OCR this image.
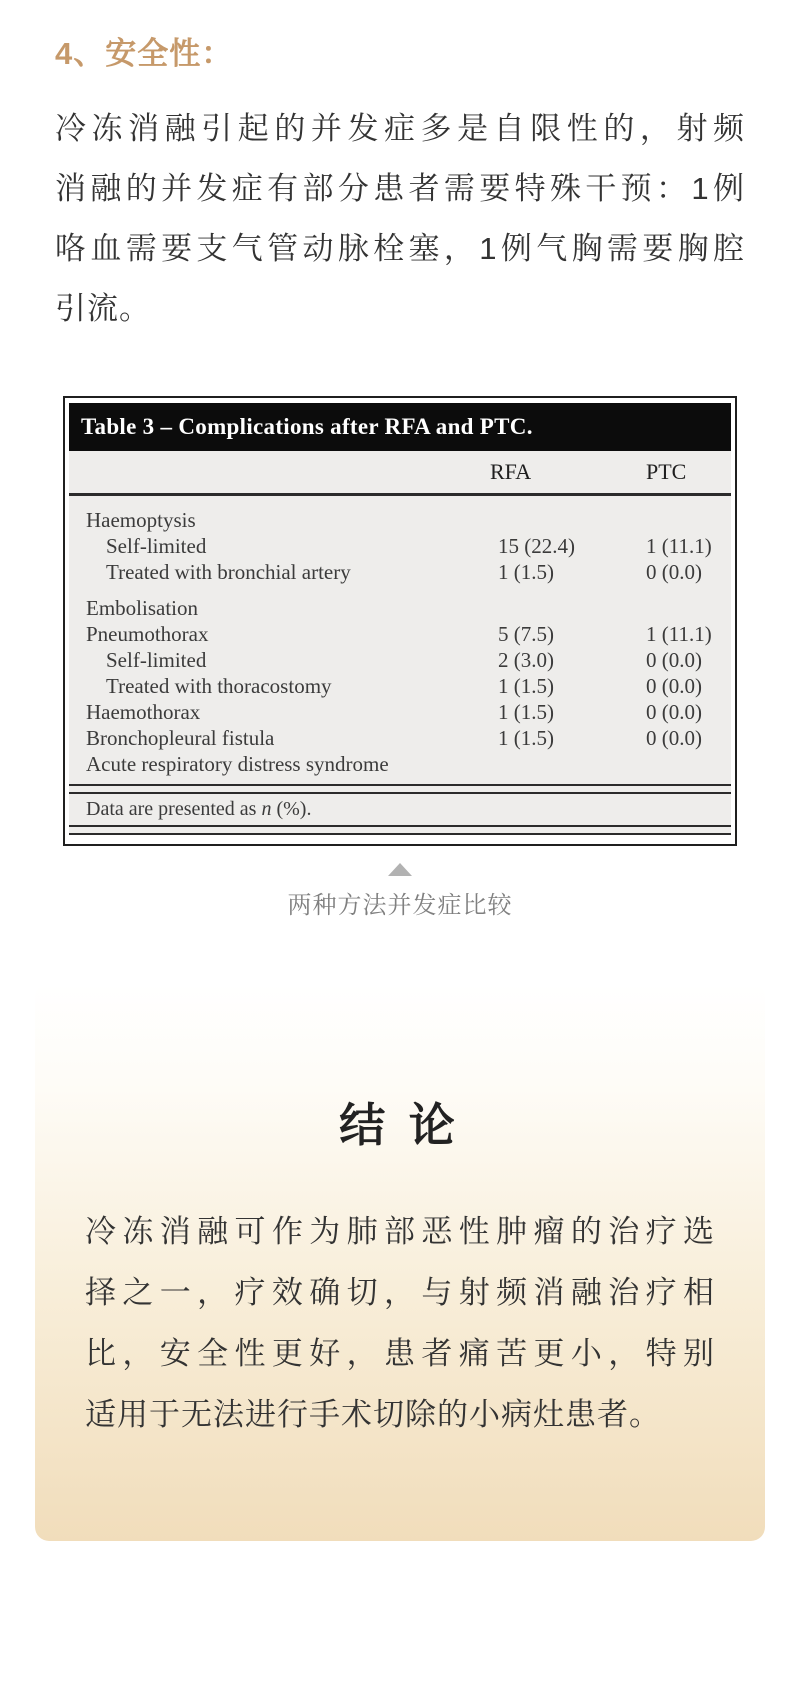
4、安全性：
冷冻消融引起的并发症多是自限性的，射频
消融的并发症有部分患者需要特殊干预：1例
咯血需要支气管动脉栓塞，1例气胸需要胸腔
引流。
Table 3 – Complications after RFA and PTC.
RFA	PTC
Haemoptysis
Self-limited	15 (22.4)	1 (11.1)
Treated with bronchial artery	1 (1.5)	0 (0.0)
Embolisation
Pneumothorax	5 (7.5)	1 (11.1)
Self-limited	2 (3.0)	0 (0.0)
Treated with thoracostomy	1 (1.5)	0 (0.0)
Haemothorax	1 (1.5)	0 (0.0)
Bronchopleural fistula	1 (1.5)	0 (0.0)
Acute respiratory distress syndrome
Data are presented as n (%).
两种方法并发症比较
结 论
冷冻消融可作为肺部恶性肿瘤的治疗选
择之一，疗效确切，与射频消融治疗相
比，安全性更好，患者痛苦更小，特别
适用于无法进行手术切除的小病灶患者。
